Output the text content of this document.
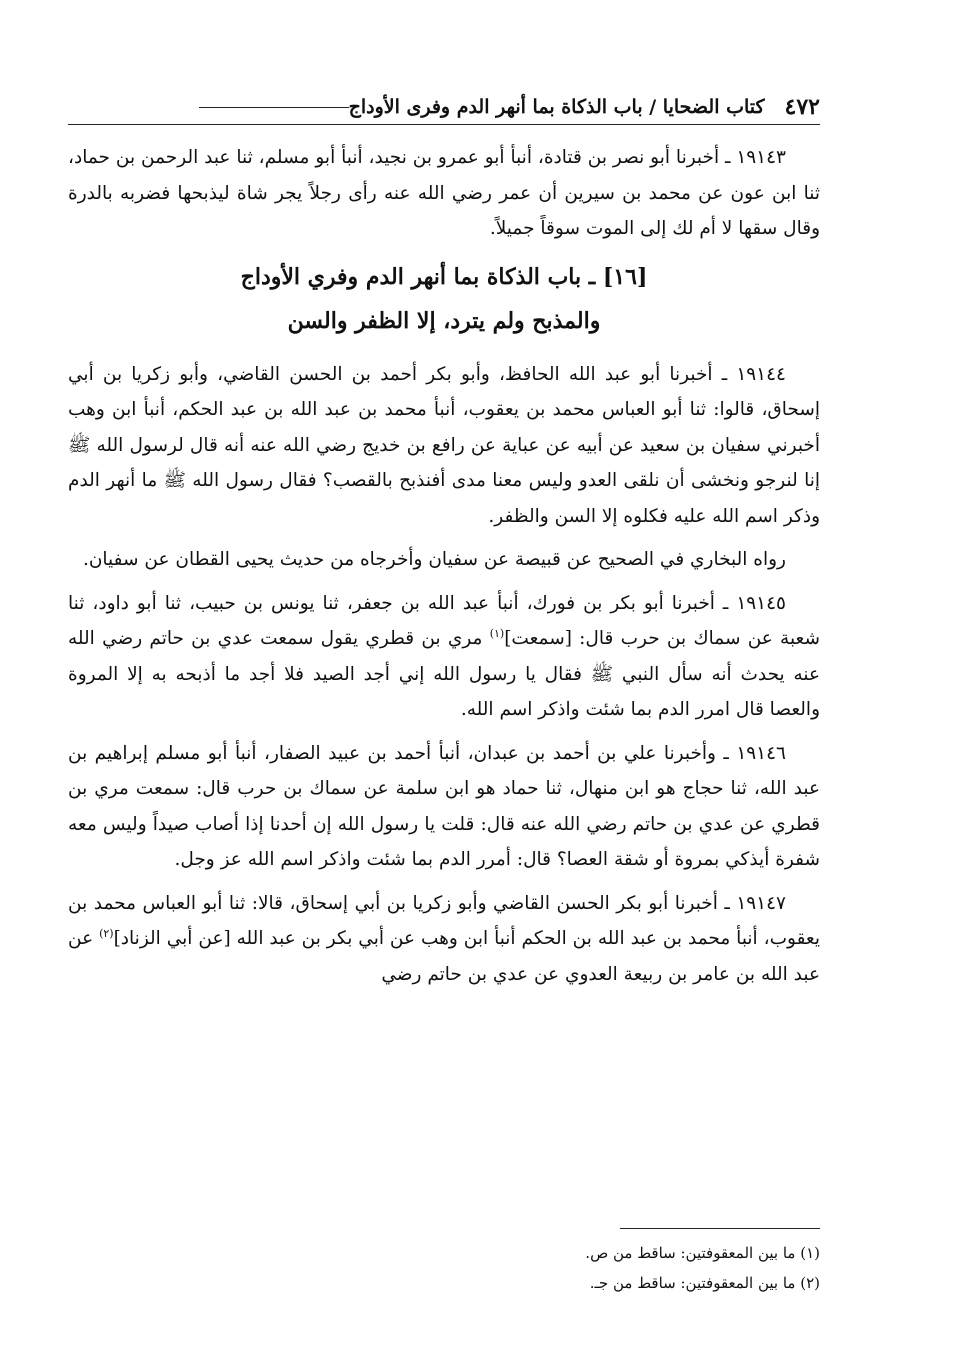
٤٧٢
كتاب الضحايا / باب الذكاة بما أنهر الدم وفرى الأوداج

١٩١٤٣ ـ أخبرنا أبو نصر بن قتادة، أنبأ أبو عمرو بن نجيد، أنبأ أبو مسلم، ثنا عبد الرحمن بن حماد، ثنا ابن عون عن محمد بن سيرين أن عمر رضي الله عنه رأى رجلاً يجر شاة ليذبحها فضربه بالدرة وقال سقها لا أم لك إلى الموت سوقاً جميلاً.

[١٦] ـ باب الذكاة بما أنهر الدم وفري الأوداج
والمذبح ولم يترد، إلا الظفر والسن

١٩١٤٤ ـ أخبرنا أبو عبد الله الحافظ، وأبو بكر أحمد بن الحسن القاضي، وأبو زكريا بن أبي إسحاق، قالوا: ثنا أبو العباس محمد بن يعقوب، أنبأ محمد بن عبد الله بن عبد الحكم، أنبأ ابن وهب أخبرني سفيان بن سعيد عن أبيه عن عباية عن رافع بن خديج رضي الله عنه أنه قال لرسول الله ﷺ إنا لنرجو ونخشى أن نلقى العدو وليس معنا مدى أفنذبح بالقصب؟ فقال رسول الله ﷺ ما أنهر الدم وذكر اسم الله عليه فكلوه إلا السن والظفر.

رواه البخاري في الصحيح عن قبيصة عن سفيان وأخرجاه من حديث يحيى القطان عن سفيان.

١٩١٤٥ ـ أخبرنا أبو بكر بن فورك، أنبأ عبد الله بن جعفر، ثنا يونس بن حبيب، ثنا أبو داود، ثنا شعبة عن سماك بن حرب قال: [سمعت]$^{(١)}$ مري بن قطري يقول سمعت عدي بن حاتم رضي الله عنه يحدث أنه سأل النبي ﷺ فقال يا رسول الله إني أجد الصيد فلا أجد ما أذبحه به إلا المروة والعصا قال امرر الدم بما شئت واذكر اسم الله.

١٩١٤٦ ـ وأخبرنا علي بن أحمد بن عبدان، أنبأ أحمد بن عبيد الصفار، أنبأ أبو مسلم إبراهيم بن عبد الله، ثنا حجاج هو ابن منهال، ثنا حماد هو ابن سلمة عن سماك بن حرب قال: سمعت مري بن قطري عن عدي بن حاتم رضي الله عنه قال: قلت يا رسول الله إن أحدنا إذا أصاب صيداً وليس معه شفرة أيذكي بمروة أو شقة العصا؟ قال: أمرر الدم بما شئت واذكر اسم الله عز وجل.

١٩١٤٧ ـ أخبرنا أبو بكر الحسن القاضي وأبو زكريا بن أبي إسحاق، قالا: ثنا أبو العباس محمد بن يعقوب، أنبأ محمد بن عبد الله بن الحكم أنبأ ابن وهب عن أبي بكر بن عبد الله [عن أبي الزناد]$^{(٢)}$ عن عبد الله بن عامر بن ربيعة العدوي عن عدي بن حاتم رضي

(١) ما بين المعقوفتين: ساقط من ص.
(٢) ما بين المعقوفتين: ساقط من جـ.
